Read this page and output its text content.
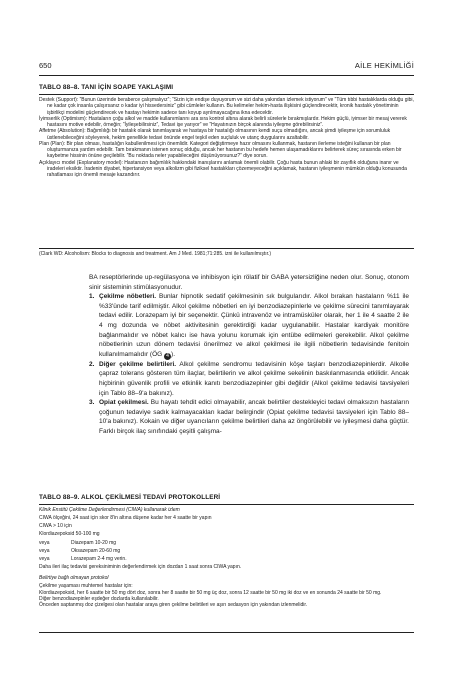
650	AİLE HEKİMLİĞİ
TABLO 88–8. TANI İÇİN SOAPE YAKLAŞIMI

Destek (Support): “Bunun üzerinde beraberce çalışmalıyız”; “Sizin için endişe duyuyorum ve sizi daha yakından izlemek istiyorum” ve “Tüm tıbbi hastalıklarda olduğu gibi, ne kadar çok insanla çalışırsanız o kadar iyi hissedersiniz” gibi cümleler kullanın. Bu kelimeler hekim-hasta ilişkisini güçlendirecektir, kronik hastalık yönetiminin işbirlikçi modelini güçlendirecek ve hastayı hekimin sadece tanı koyup ayrılmayacağına ikna edecektir.

İyimserlik (Optimism): Hastaların çoğu alkol ve madde kullanımlarını ara sıra kontrol altına alarak belirli sürelerle bırakmışlardır. Hekim güçlü, iyimser bir mesaj vererek hastasını motive edebilir, örneğin; “İyileşebilirsiniz”, Tedavi işe yarıyor” ve “Hayatınızın birçok alanında iyileşme görebilirsiniz”.

Affetme (Absolution): Bağımlılığı bir hastalık olarak tanımlayarak ve hastaya bir hastalığı olmasının kendi suçu olmadığını, ancak şimdi iyileşme için sorumluluk üstlenebileceğini söyleyerek, hekim genellikle tedavi önünde engel teşkil eden suçluluk ve utanç duygularını azaltabilir.

Plan (Plan): Bir plan olması, hastalığın kabullenilmesi için önemlidir. Kategori değiştirmeye hazır olmasını kullanmak, hastanın ilerleme isteğini kullanan bir plan oluşturmanıza yardım edebilir. Tam bırakmanın istenen sonuç olduğu, ancak her hastanın bu hedefe hemen ulaşamadıklarını belirterek süreç sırasında erken bir kaybetme hissinin önüne geçilebilir. “Bu noktada neler yapabileceğini düşünüyorsunuz?” diye sorun.

Açıklayıcı model (Explanatory model): Hastanızın bağımlılık hakkındaki inanışlarını anlamak önemli olabilir. Çoğu hasta bunun ahlaki bir zayıflık olduğuna inanır ve iradeleri eksiktir. İradenin diyabet, hipertansiyon veya alkolizm gibi fiziksel hastalıkları çözemeyeceğini açıklamak, hastanın iyileşmenin mümkün olduğu konusunda rahatlaması için önemli mesaje kazandırır.

(Clark WD: Alcoholism: Blocks to diagnosis and treatment. Am J Med. 1981;71:285. izni ile kullanılmıştır.)

BA reseptörlerinde up-regülasyona ve inhibisyon için rölatif bir GABA yetersizliğine neden olur. Sonuç, otonom sinir sisteminin stimülasyonudur.

1. Çekilme nöbetleri. Bunlar hipnotik sedatif çekilmesinin sık bulgularıdır. Alkol bırakan hastaların %11 ile %33'ünde tarif edilmiştir. Alkol çekilme nöbetleri en iyi benzodiazepinlerle ve çekilme sürecini tanımlayarak tedavi edilir. Lorazepam iyi bir seçenektir. Çünkü intravenöz ve intramüsküler olarak, her 1 ile 4 saatte 2 ile 4 mg dozunda ve nöbet aktivitesinin gerektirdiği kadar uygulanabilir. Hastalar kardiyak monitöre bağlanmalıdır ve nöbet kalıcı ise hava yolunu korumak için entübe edilmeleri gerekebilir. Alkol çekilme nöbetlerinin uzun dönem tedavisi önerilmez ve alkol çekilmesi ile ilgili nöbetlerin tedavisinde fenitoin kullanılmamalıdır (ÖG 4 ).
2. Diğer çekilme belirtileri. Alkol çekilme sendromu tedavisinin köşe taşları benzodiazepinlerdir. Alkolle çapraz tolerans gösteren tüm ilaçlar, belirtilerin ve alkol çekilme sekelinin baskılanmasında etkilidir. Ancak hiçbirinin güvenlik profili ve etkinlik kanıtı benzodiazepinler gibi değildir (Alkol çekilme tedavisi tavsiyeleri için Tablo 88–9'a bakınız).
3. Opiat çekilmesi. Bu hayatı tehdit edici olmayabilir, ancak belirtiler destekleyici tedavi olmaksızın hastaların çoğunun tedaviye sadık kalmayacakları kadar belirgindir (Opiat çekilme tedavisi tavsiyeleri için Tablo 88–10'a bakınız). Kokain ve diğer uyarıcıların çekilme belirtileri daha az öngörülebilir ve iyileşmesi daha güçtür. Farklı birçok ilaç sınıfındaki çeşitli çalışma-
TABLO 88–9. ALKOL ÇEKİLMESİ TEDAVİ PROTOKOLLERİ

Klinik Enstitü Çekilme Değerlendirmesi (CIWA) kullanarak izlem

CIWA ölçeğini, 24 saat için skor 8'in altına düşene kadar her 4 saatte bir yapın

CIWA > 10 için

Klordiazepoksid 50-100 mg

veya	Diazepam 10-20 mg
veya	Oksazepam 20-60 mg
veya	Lorazepam 2-4 mg verin.

Daha ileri ilaç tedavisi gereksiniminin değerlendirmek için dozdan 1 saat sonra CIWA yapın.

Belirtiye bağlı olmayan protokol

Çekilme yaşaması muhtemel hastalar için:

Klordiazepoksid, her 6 saatte bir 50 mg dört doz, sonra her 8 saatte bir 50 mg üç doz, sonra 12 saatte bir 50 mg iki doz ve en sonunda 24 saatte bir 50 mg.

Diğer benzodiazepinler eşdeğer dozlarda kullanılabilir.

Önceden saptanmış doz çizelgesi olan hastalar araya giren çekilme belirtileri ve aşırı sedasyon için yakından izlenmelidir.
